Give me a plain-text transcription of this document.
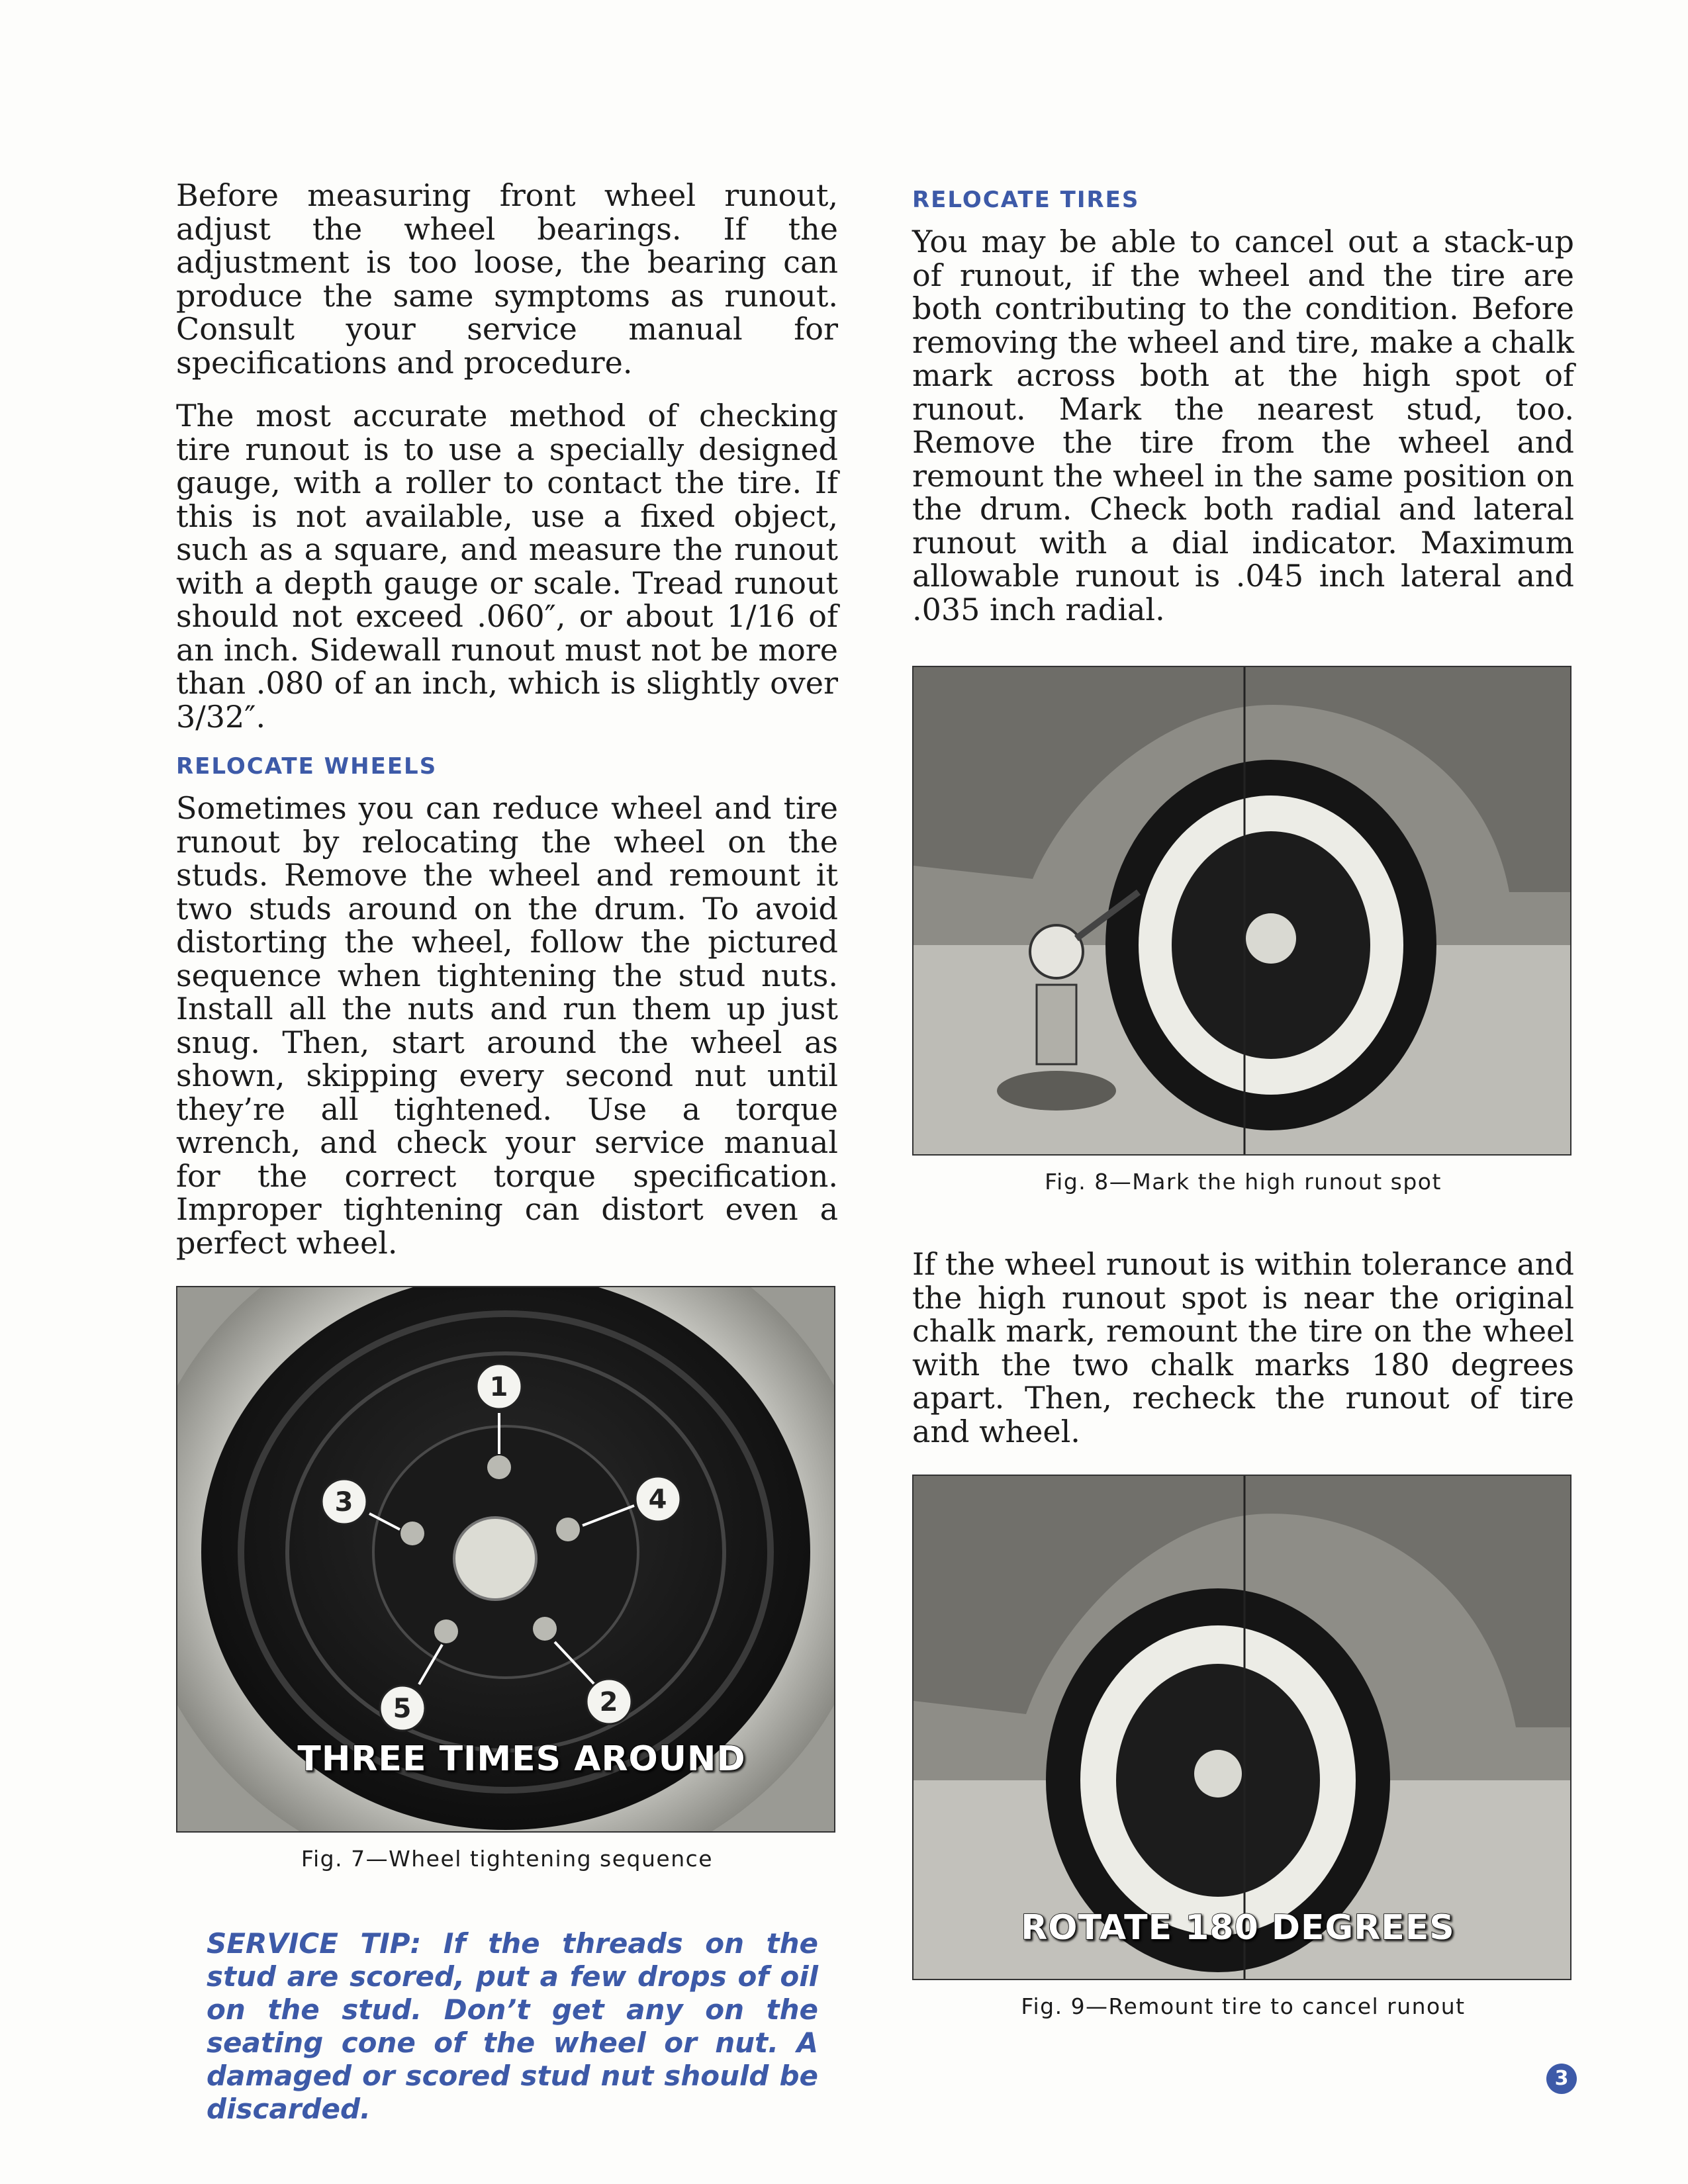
Before measuring front wheel runout, adjust the wheel bearings. If the adjustment is too loose, the bearing can produce the same symptoms as runout. Consult your service manual for specifications and procedure.

The most accurate method of checking tire runout is to use a specially designed gauge, with a roller to contact the tire. If this is not available, use a fixed object, such as a square, and measure the runout with a depth gauge or scale. Tread runout should not exceed .060″, or about 1/16 of an inch. Sidewall runout must not be more than .080 of an inch, which is slightly over 3/32″.

RELOCATE WHEELS

Sometimes you can reduce wheel and tire runout by relocating the wheel on the studs. Remove the wheel and remount it two studs around on the drum. To avoid distorting the wheel, follow the pictured sequence when tightening the stud nuts. Install all the nuts and run them up just snug. Then, start around the wheel as shown, skipping every second nut until they’re all tightened. Use a torque wrench, and check your service manual for the correct torque specification. Improper tightening can distort even a perfect wheel.

1
4
3
5	2
THREE TIMES AROUND
Fig. 7—Wheel tightening sequence
SERVICE TIP: If the threads on the stud are scored, put a few drops of oil on the stud. Don’t get any on the seating cone of the wheel or nut. A damaged or scored stud nut should be discarded.
RELOCATE TIRES

You may be able to cancel out a stack-up of runout, if the wheel and the tire are both contributing to the condition. Before removing the wheel and tire, make a chalk mark across both at the high spot of runout. Mark the nearest stud, too. Remove the tire from the wheel and remount the wheel in the same position on the drum. Check both radial and lateral runout with a dial indicator. Maximum allowable runout is .045 inch lateral and .035 inch radial.

Fig. 8—Mark the high runout spot

If the wheel runout is within tolerance and the high runout spot is near the original chalk mark, remount the tire on the wheel with the two chalk marks 180 degrees apart. Then, recheck the runout of tire and wheel.

ROTATE 180 DEGREES
Fig. 9—Remount tire to cancel runout
3
